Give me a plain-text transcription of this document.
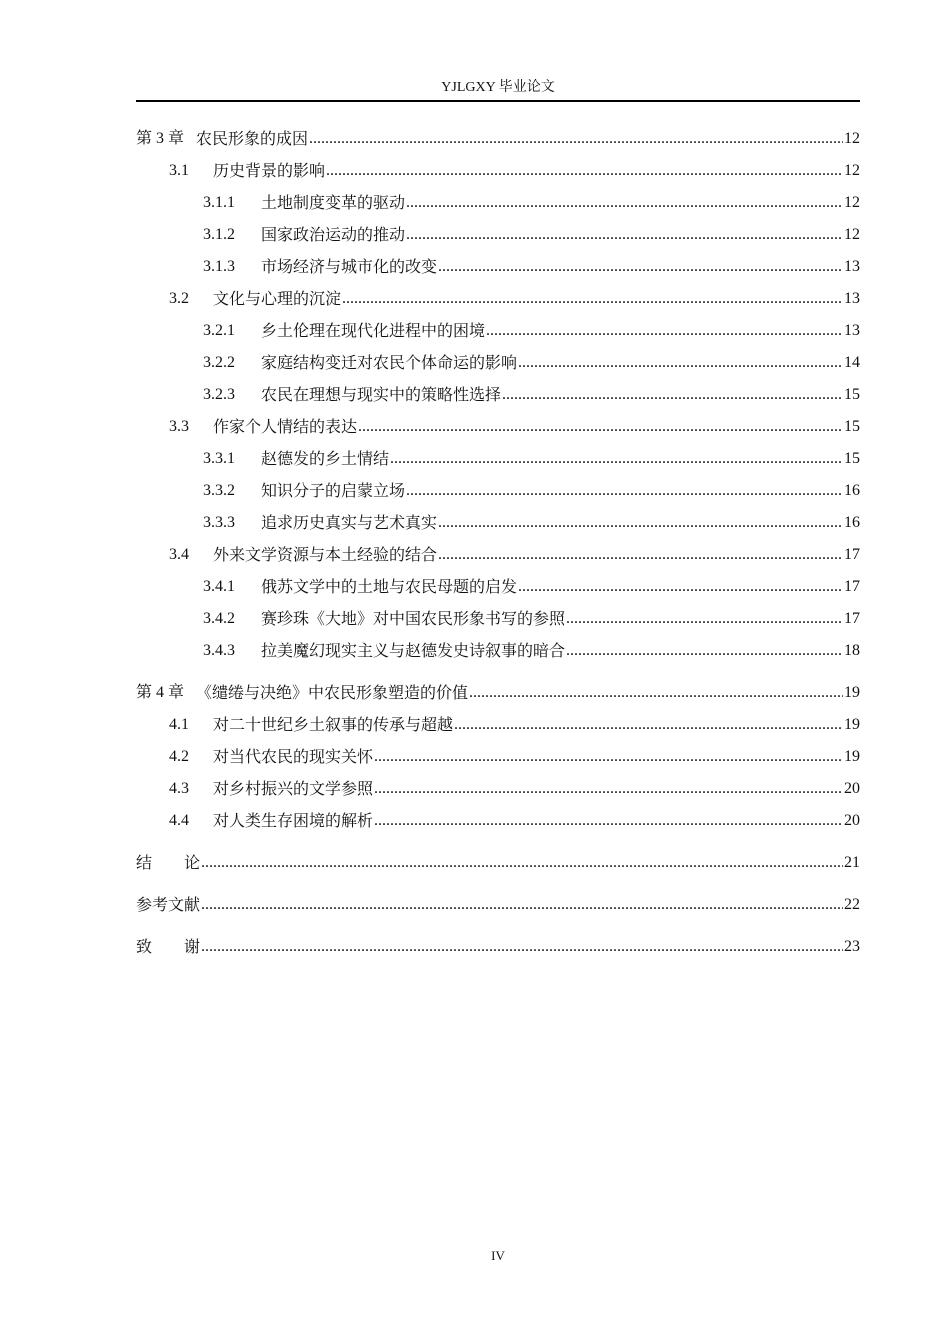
YJLGXY 毕业论文
第 3 章 农民形象的成因 .....	12
3.1	历史背景的影响 .....	12
3.1.1	土地制度变革的驱动 .....	12
3.1.2	国家政治运动的推动 .....	12
3.1.3	市场经济与城市化的改变 .....	13
3.2	文化与心理的沉淀 .....	13
3.2.1	乡土伦理在现代化进程中的困境 .....	13
3.2.2	家庭结构变迁对农民个体命运的影响 .....	14
3.2.3	农民在理想与现实中的策略性选择 .....	15
3.3	作家个人情结的表达 .....	15
3.3.1	赵德发的乡土情结 .....	15
3.3.2	知识分子的启蒙立场 .....	16
3.3.3	追求历史真实与艺术真实 .....	16
3.4	外来文学资源与本土经验的结合 .....	17
3.4.1	俄苏文学中的土地与农民母题的启发 .....	17
3.4.2	赛珍珠《大地》对中国农民形象书写的参照 .....	17
3.4.3	拉美魔幻现实主义与赵德发史诗叙事的暗合 .....	18
第 4 章 《缱绻与决绝》中农民形象塑造的价值 .....	19
4.1	对二十世纪乡土叙事的传承与超越 .....	19
4.2	对当代农民的现实关怀 .....	19
4.3	对乡村振兴的文学参照 .....	20
4.4	对人类生存困境的解析 .....	20
结　　论 .....	21
参考文献 .....	22
致　　谢 .....	23
IV
